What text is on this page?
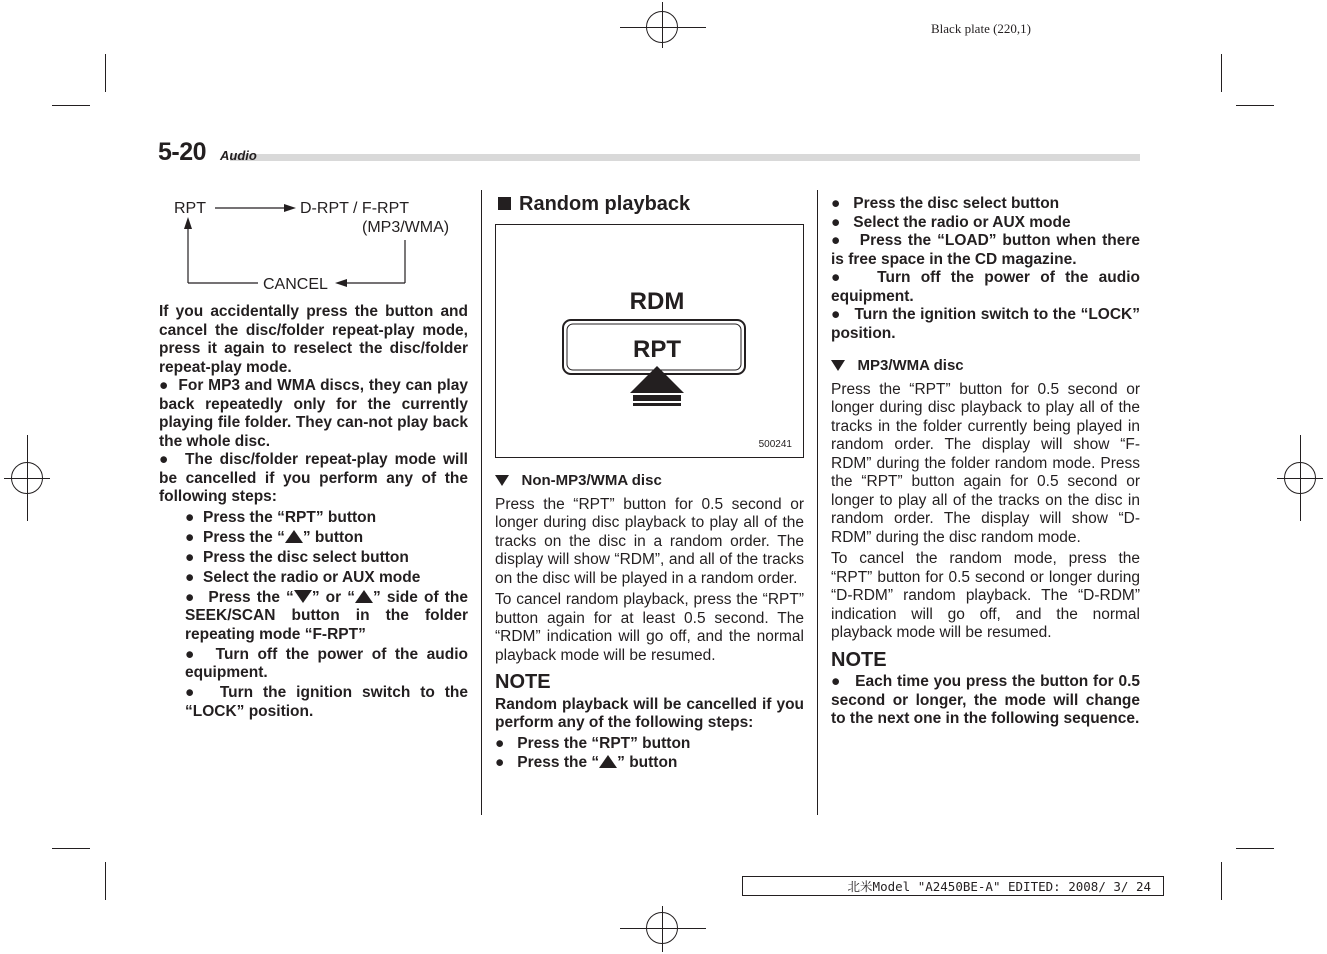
Black plate (220,1)
5-20 Audio
RPT	D-RPT / F-RPT
(MP3/WMA)
CANCEL

If you accidentally press the button and cancel the disc/folder repeat-play mode, press it again to reselect the disc/folder repeat-play mode.

●  For MP3 and WMA discs, they can play back repeatedly only for the currently playing file folder. They can-not play back the whole disc.

●  The disc/folder repeat-play mode will be cancelled if you perform any of the following steps:

●  Press the “RPT” button

●  Press the “ ” button

●  Press the disc select button

●  Select the radio or AUX mode

●  Press the “ ” or “ ” side of the SEEK/SCAN button in the folder repeating mode “F-RPT”

●  Turn off the power of the audio equipment.

●  Turn the ignition switch to the “LOCK” position.

Random playback
RDM
RPT
500241

Non-MP3/WMA disc

Press the “RPT” button for 0.5 second or longer during disc playback to play all of the tracks on the disc in a random order. The display will show “RDM”, and all of the tracks on the disc will be played in a random order.

To cancel random playback, press the “RPT” button again for at least 0.5 second. The “RDM” indication will go off, and the normal playback mode will be resumed.

NOTE

Random playback will be cancelled if you perform any of the following steps:

●   Press the “RPT” button

●   Press the “ ” button

●   Press the disc select button

●   Select the radio or AUX mode

●   Press the “LOAD” button when there is free space in the CD magazine.

●   Turn off the power of the audio equipment.

●   Turn the ignition switch to the “LOCK” position.

MP3/WMA disc

Press the “RPT” button for 0.5 second or longer during disc playback to play all of the tracks in the folder currently being played in random order. The display will show “F-RDM” during the folder random mode. Press the “RPT” button again for 0.5 second or longer to play all of the tracks on the disc in random order. The display will show “D-RDM” during the disc random mode.

To cancel the random mode, press the “RPT” button for 0.5 second or longer during “D-RDM” random playback. The “D-RDM” indication will go off, and the normal playback mode will be resumed.

NOTE

●   Each time you press the button for 0.5 second or longer, the mode will change to the next one in the following sequence.

北米Model "A2450BE-A" EDITED: 2008/ 3/ 24
